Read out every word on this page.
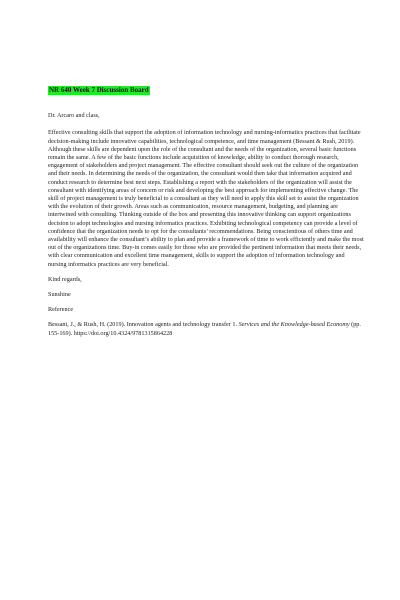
NR 640 Week 7 Discussion Board

Dr. Arcaro and class,

Effective consulting skills that support the adoption of information technology and nursing-informatics practices that facilitate decision-making include innovative capabilities, technological competence, and time management (Bessant & Rush, 2019). Although these skills are dependent upon the role of the consultant and the needs of the organization, several basic functions remain the same. A few of the basic functions include acquisition of knowledge, ability to conduct thorough research, engagement of stakeholders and project management. The effective consultant should seek out the culture of the organization and their needs. In determining the needs of the organization, the consultant would then take that information acquired and conduct research to determine best next steps. Establishing a report with the stakeholders of the organization will assist the consultant with identifying areas of concern or risk and developing the best approach for implementing effective change. The skill of project management is truly beneficial to a consultant as they will need to apply this skill set to assist the organization with the evolution of their growth. Areas such as communication, resource management, budgeting, and planning are intertwined with consulting. Thinking outside of the box and presenting this innovative thinking can support organizations decision to adopt technologies and nursing informatics practices. Exhibiting technological competency can provide a level of confidence that the organization needs to opt for the consultants’ recommendations. Being conscientious of others time and availability will enhance the consultant’s ability to plan and provide a framework of time to work efficiently and make the most out of the organizations time. Buy-in comes easily for those who are provided the pertinent information that meets their needs, with clear communication and excellent time management, skills to support the adoption of information technology and nursing informatics practices are very beneficial.

Kind regards,

Sunshine

Reference

Bessant, J., & Rush, H. (2019). Innovation agents and technology transfer 1. Services and the Knowledge-based Economy (pp. 155-169). https://doi.org/10.4324/9781315864228
